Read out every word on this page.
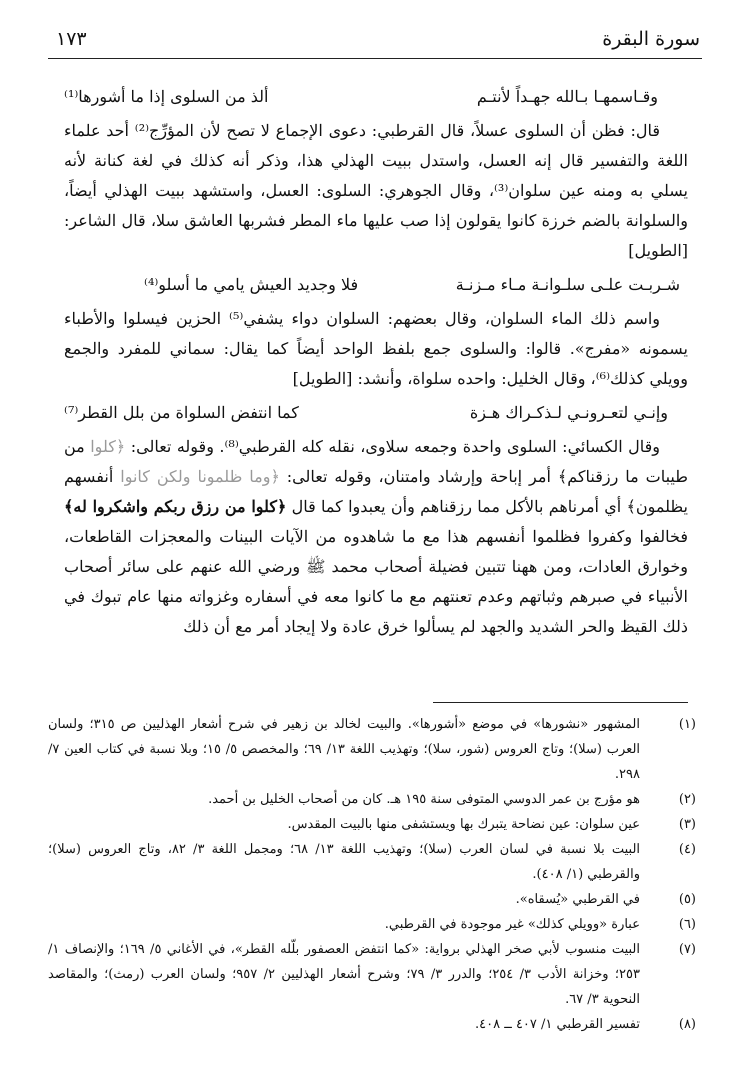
سورة البقرة
١٧٣
وقـاسمهـا بـالله جهـداً لأنتـم
ألذ من السلوى إذا ما أشورها⁽¹⁾

قال: فظن أن السلوى عسلاً، قال القرطبي: دعوى الإجماع لا تصح لأن المؤرِّج⁽²⁾ أحد علماء اللغة والتفسير قال إنه العسل، واستدل ببيت الهذلي هذا، وذكر أنه كذلك في لغة كنانة لأنه يسلي به ومنه عين سلوان⁽³⁾، وقال الجوهري: السلوى: العسل، واستشهد ببيت الهذلي أيضاً، والسلوانة بالضم خرزة كانوا يقولون إذا صب عليها ماء المطر فشربها العاشق سلا، قال الشاعر: [الطويل]

شـربـت علـى سلـوانـة مـاء مـزنـة
فلا وجديد العيش يامي ما أسلو⁽⁴⁾

واسم ذلك الماء السلوان، وقال بعضهم: السلوان دواء يشفي⁽⁵⁾ الحزين فيسلوا والأطباء يسمونه «مفرج». قالوا: والسلوى جمع بلفظ الواحد أيضاً كما يقال: سماني للمفرد والجمع وويلي كذلك⁽⁶⁾، وقال الخليل: واحده سلواة، وأنشد: [الطويل]

وإنـي لتعـرونـي لـذكـراك هـزة
كما انتفض السلواة من بلل القطر⁽⁷⁾

وقال الكسائي: السلوى واحدة وجمعه سلاوى، نقله كله القرطبي⁽⁸⁾. وقوله تعالى: ﴿كلوا من طيبات ما رزقناكم﴾ أمر إباحة وإرشاد وامتنان، وقوله تعالى: ﴿وما ظلمونا ولكن كانوا أنفسهم يظلمون﴾ أي أمرناهم بالأكل مما رزقناهم وأن يعبدوا كما قال ﴿كلوا من رزق ربكم واشكروا له﴾ فخالفوا وكفروا فظلموا أنفسهم هذا مع ما شاهدوه من الآيات البينات والمعجزات القاطعات، وخوارق العادات، ومن ههنا تتبين فضيلة أصحاب محمد ﷺ ورضي الله عنهم على سائر أصحاب الأنبياء في صبرهم وثباتهم وعدم تعنتهم مع ما كانوا معه في أسفاره وغزواته منها عام تبوك في ذلك القيظ والحر الشديد والجهد لم يسألوا خرق عادة ولا إيجاد أمر مع أن ذلك

(١)
المشهور «نشورها» في موضع «أشورها». والبيت لخالد بن زهير في شرح أشعار الهذليين ص ٣١٥؛ ولسان العرب (سلا)؛ وتاج العروس (شور، سلا)؛ وتهذيب اللغة ١٣/ ٦٩؛ والمخصص ٥/ ١٥؛ وبلا نسبة في كتاب العين ٧/ ٢٩٨.
(٢)
هو مؤرج بن عمر الدوسي المتوفى سنة ١٩٥ هـ. كان من أصحاب الخليل بن أحمد.
(٣)
عين سلوان: عين نضاحة يتبرك بها ويستشفى منها بالبيت المقدس.
(٤)
البيت بلا نسبة في لسان العرب (سلا)؛ وتهذيب اللغة ١٣/ ٦٨؛ ومجمل اللغة ٣/ ٨٢، وتاج العروس (سلا)؛ والقرطبي (١/ ٤٠٨).
(٥)
في القرطبي «يُسقاه».
(٦)
عبارة «وويلي كذلك» غير موجودة في القرطبي.
(٧)
البيت منسوب لأبي صخر الهذلي برواية: «كما انتفض العصفور بلّله القطر»، في الأغاني ٥/ ١٦٩؛ والإنصاف ١/ ٢٥٣؛ وخزانة الأدب ٣/ ٢٥٤؛ والدرر ٣/ ٧٩؛ وشرح أشعار الهذليين ٢/ ٩٥٧؛ ولسان العرب (رمث)؛ والمقاصد النحوية ٣/ ٦٧.
(٨)
تفسير القرطبي ١/ ٤٠٧ ــ ٤٠٨.
